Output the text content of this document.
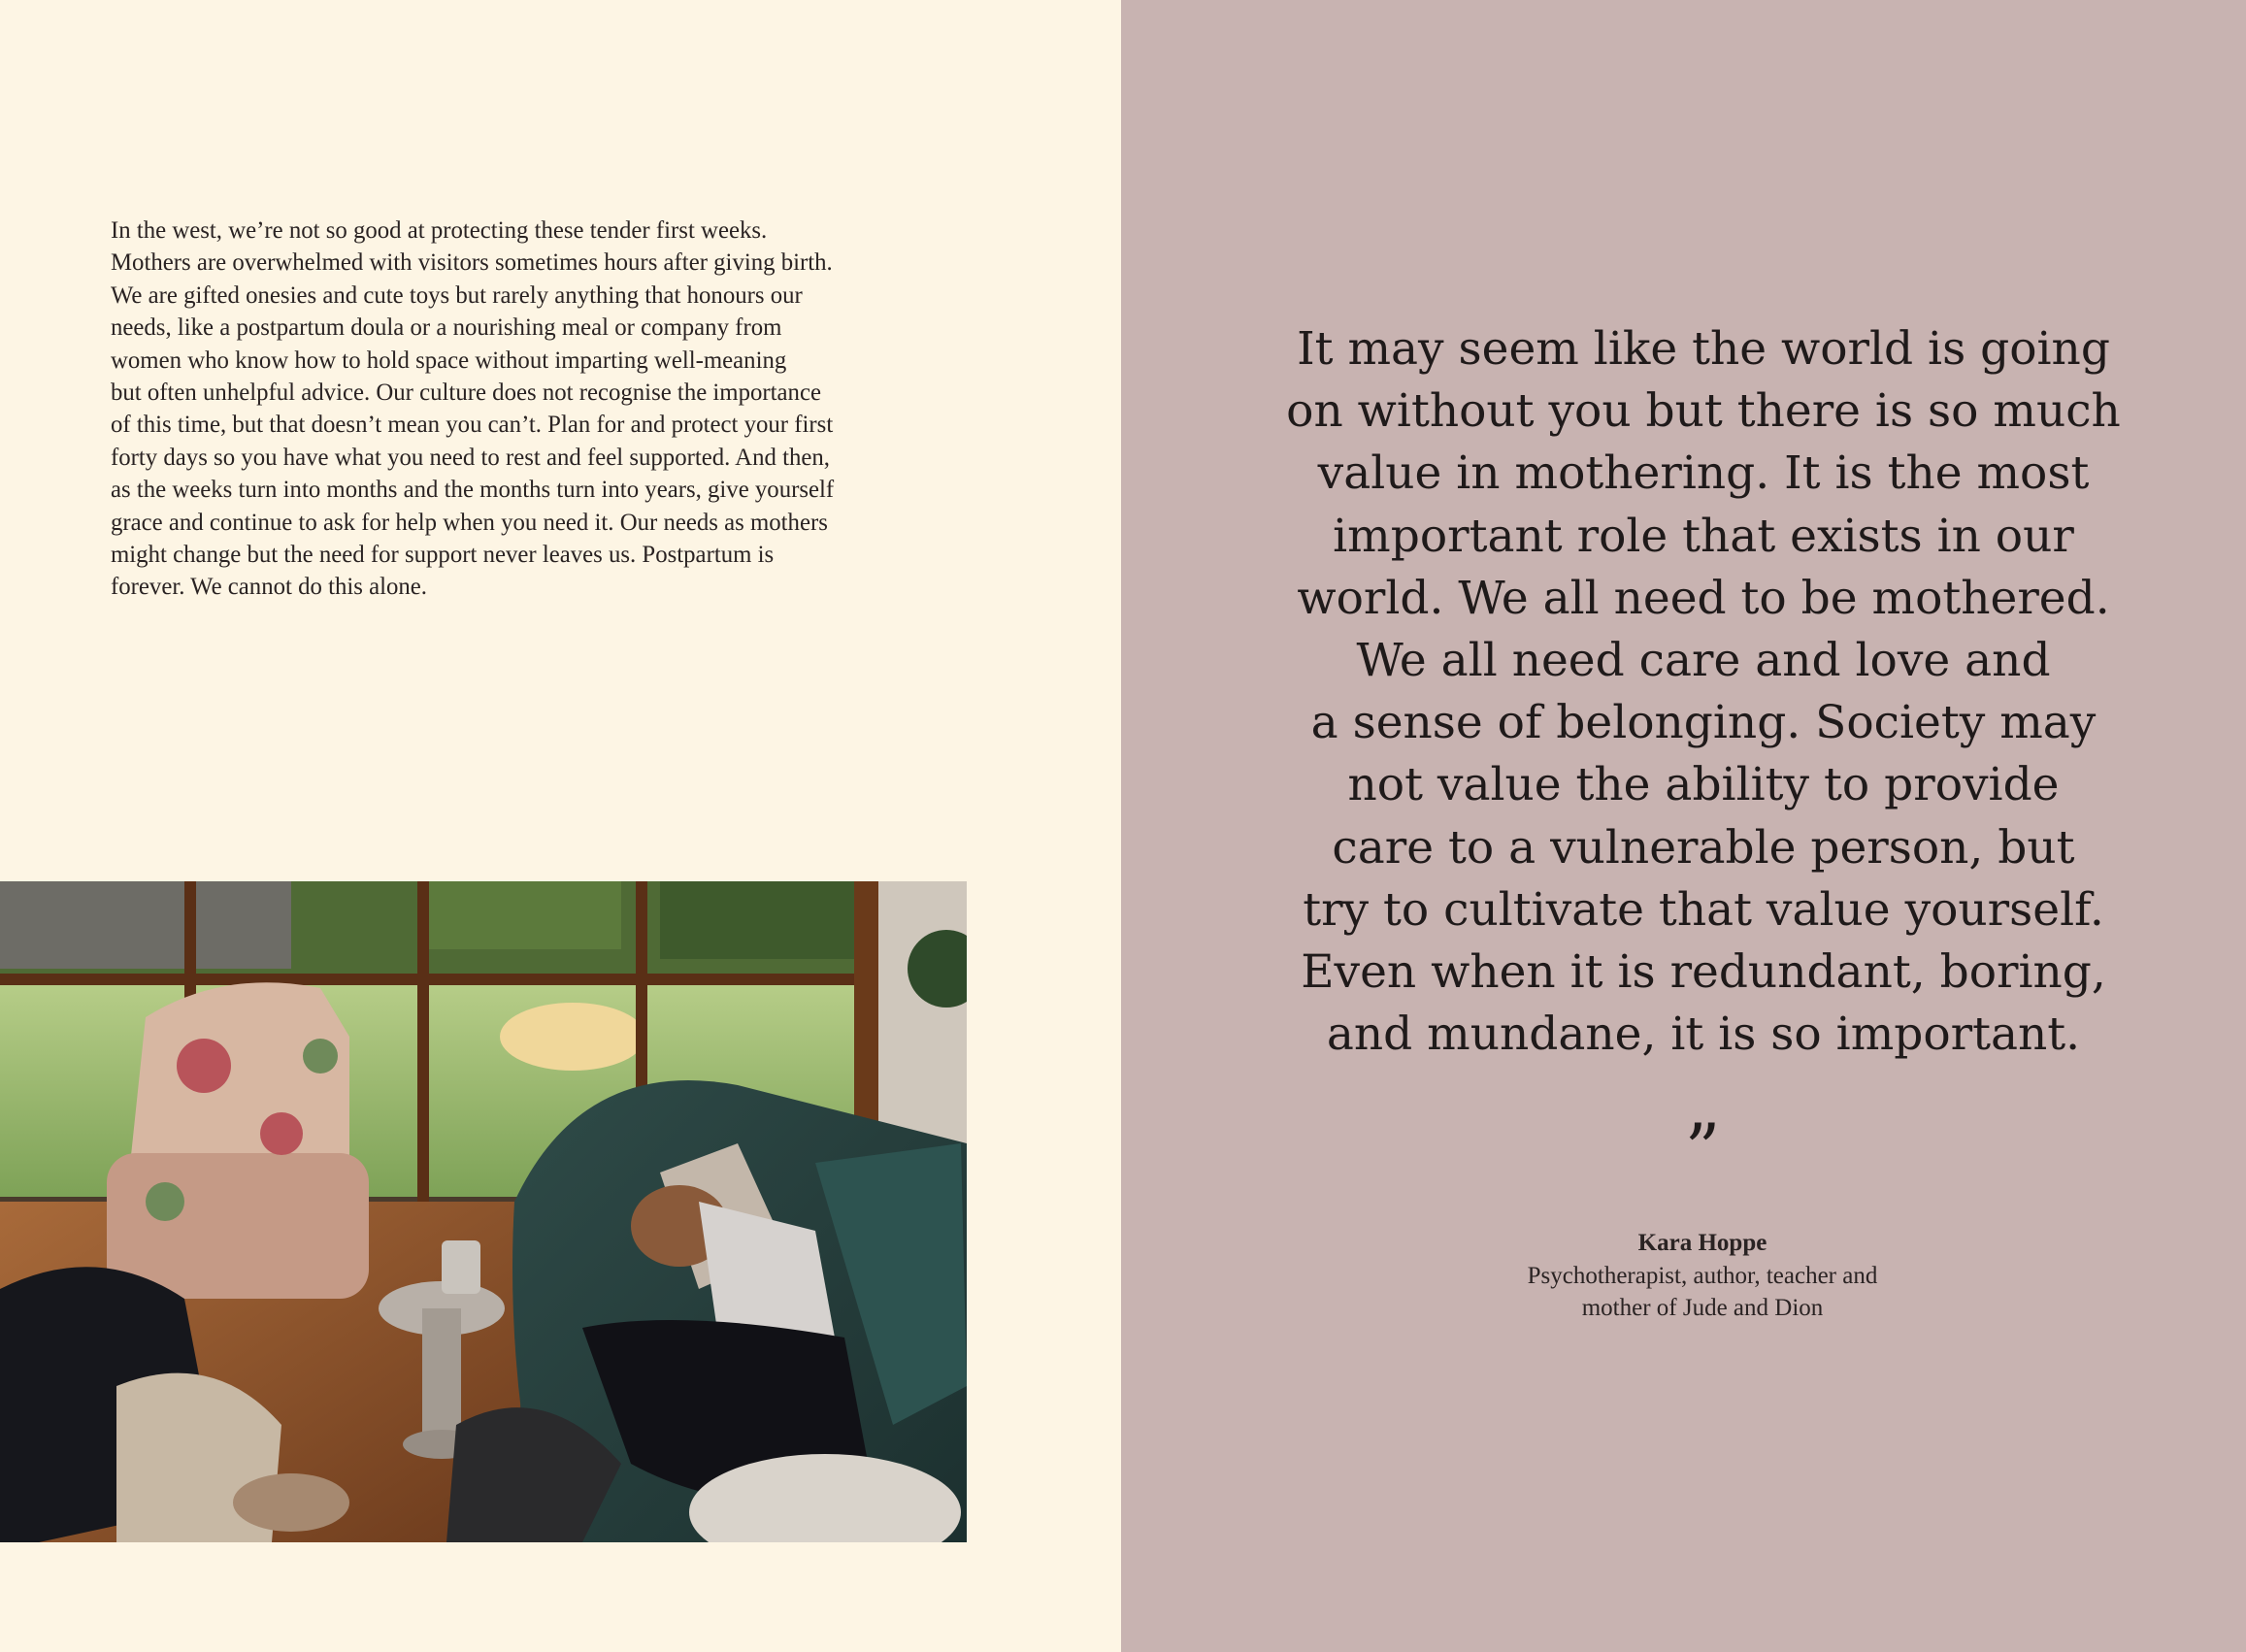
In the west, we’re not so good at protecting these tender first weeks.
Mothers are overwhelmed with visitors sometimes hours after giving birth.
We are gifted onesies and cute toys but rarely anything that honours our
needs, like a postpartum doula or a nourishing meal or company from
women who know how to hold space without imparting well-meaning
but often unhelpful advice. Our culture does not recognise the importance
of this time, but that doesn’t mean you can’t. Plan for and protect your first
forty days so you have what you need to rest and feel supported. And then,
as the weeks turn into months and the months turn into years, give yourself
grace and continue to ask for help when you need it. Our needs as mothers
might change but the need for support never leaves us. Postpartum is
forever. We cannot do this alone.

It may seem like the world is going
on without you but there is so much
value in mothering. It is the most
important role that exists in our
world. We all need to be mothered.
We all need care and love and
a sense of belonging. Society may
not value the ability to provide
care to a vulnerable person, but
try to cultivate that value yourself.
Even when it is redundant, boring,
and mundane, it is so important.

”
Kara Hoppe
Psychotherapist, author, teacher and
mother of Jude and Dion
